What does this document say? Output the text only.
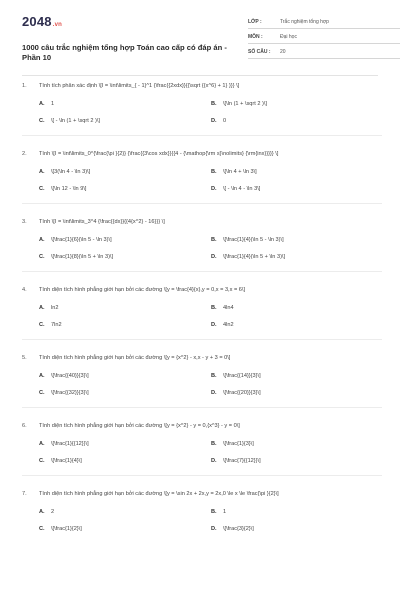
2048.vn
1000 câu trắc nghiệm tổng hợp Toán cao cấp có đáp án - Phần 10
LỚP :	Trắc nghiệm tổng hợp
MÔN :	Đại học
SỐ CÂU :	20
1.	Tính tích phân xác định \[I = \int\limits_{ - 1}^1 {\frac{{2xdx}}{{\sqrt {{x^6} + 1} }}} \]
A.	1	B.	\[\ln (1 + \sqrt 2 )\]
C.	\[ - \ln (1 + \sqrt 2 )\]	D.	0
2.	Tính \[I = \int\limits_0^{\frac{\pi }{2}} {\frac{{3\cos xdx}}{{4 - {\mathop{\rm s}\nolimits} {\rm{inx}}}}} \]
A.	\[3(\ln 4 - \ln 3)\]	B.	\[\ln 4 + \ln 3\]
C.	\[\ln 12 - \ln 9\]	D.	\[ - \ln 4 - \ln 3\]
3.	Tính \[I = \int\limits_3^4 {\frac{{dx}}{{4{x^2} - 16}}} \]
A.	\[\frac{1}{6}(\ln 5 - \ln 3)\]	B.	\[\frac{1}{4}(\ln 5 - \ln 3)\]
C.	\[\frac{1}{8}(\ln 5 + \ln 3)\]	D.	\[\frac{1}{4}(\ln 5 + \ln 3)\]
4.	Tính diện tích hình phẳng giới hạn bởi các đường \[y = \frac{4}{x},y = 0,x = 3,x = 6\]
A.	ln2	B.	4ln4
C.	7ln2	D.	4ln2
5.	Tính diện tích hình phẳng giới hạn bởi các đường \[y = {x^2} - x,x - y + 3 = 0\]
A.	\[\frac{{40}}{3}\]	B.	\[\frac{{14}}{3}\]
C.	\[\frac{{32}}{3}\]	D.	\[\frac{{20}}{3}\]
6.	Tính diện tích hình phẳng giới hạn bởi các đường \[y = {x^2} - y = 0,{x^3} - y = 0\]
A.	\[\frac{1}{{12}}\]	B.	\[\frac{1}{3}\]
C.	\[\frac{1}{4}\]	D.	\[\frac{7}{{12}}\]
7.	Tính diện tích hình phẳng giới hạn bởi các đường \[y = \sin 2x + 2x,y = 2x,0 \le x \le \frac{\pi }{2}\]
A.	2	B.	1
C.	\[\frac{1}{2}\]	D.	\[\frac{3}{2}\]
